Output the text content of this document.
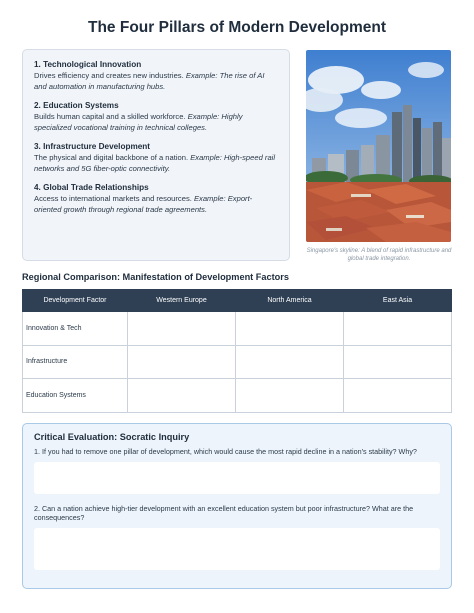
The Four Pillars of Modern Development
1. Technological Innovation
Drives efficiency and creates new industries. Example: The rise of AI and automation in manufacturing hubs.
2. Education Systems
Builds human capital and a skilled workforce. Example: Highly specialized vocational training in technical colleges.
3. Infrastructure Development
The physical and digital backbone of a nation. Example: High-speed rail networks and 5G fiber-optic connectivity.
4. Global Trade Relationships
Access to international markets and resources. Example: Export-oriented growth through regional trade agreements.
Singapore's skyline: A blend of rapid infrastructure and global trade integration.
Regional Comparison: Manifestation of Development Factors
Development Factor	Western Europe	North America	East Asia
Innovation & Tech			
Infrastructure			
Education Systems			
Critical Evaluation: Socratic Inquiry
1. If you had to remove one pillar of development, which would cause the most rapid decline in a nation's stability? Why?
2. Can a nation achieve high-tier development with an excellent education system but poor infrastructure? What are the consequences?
